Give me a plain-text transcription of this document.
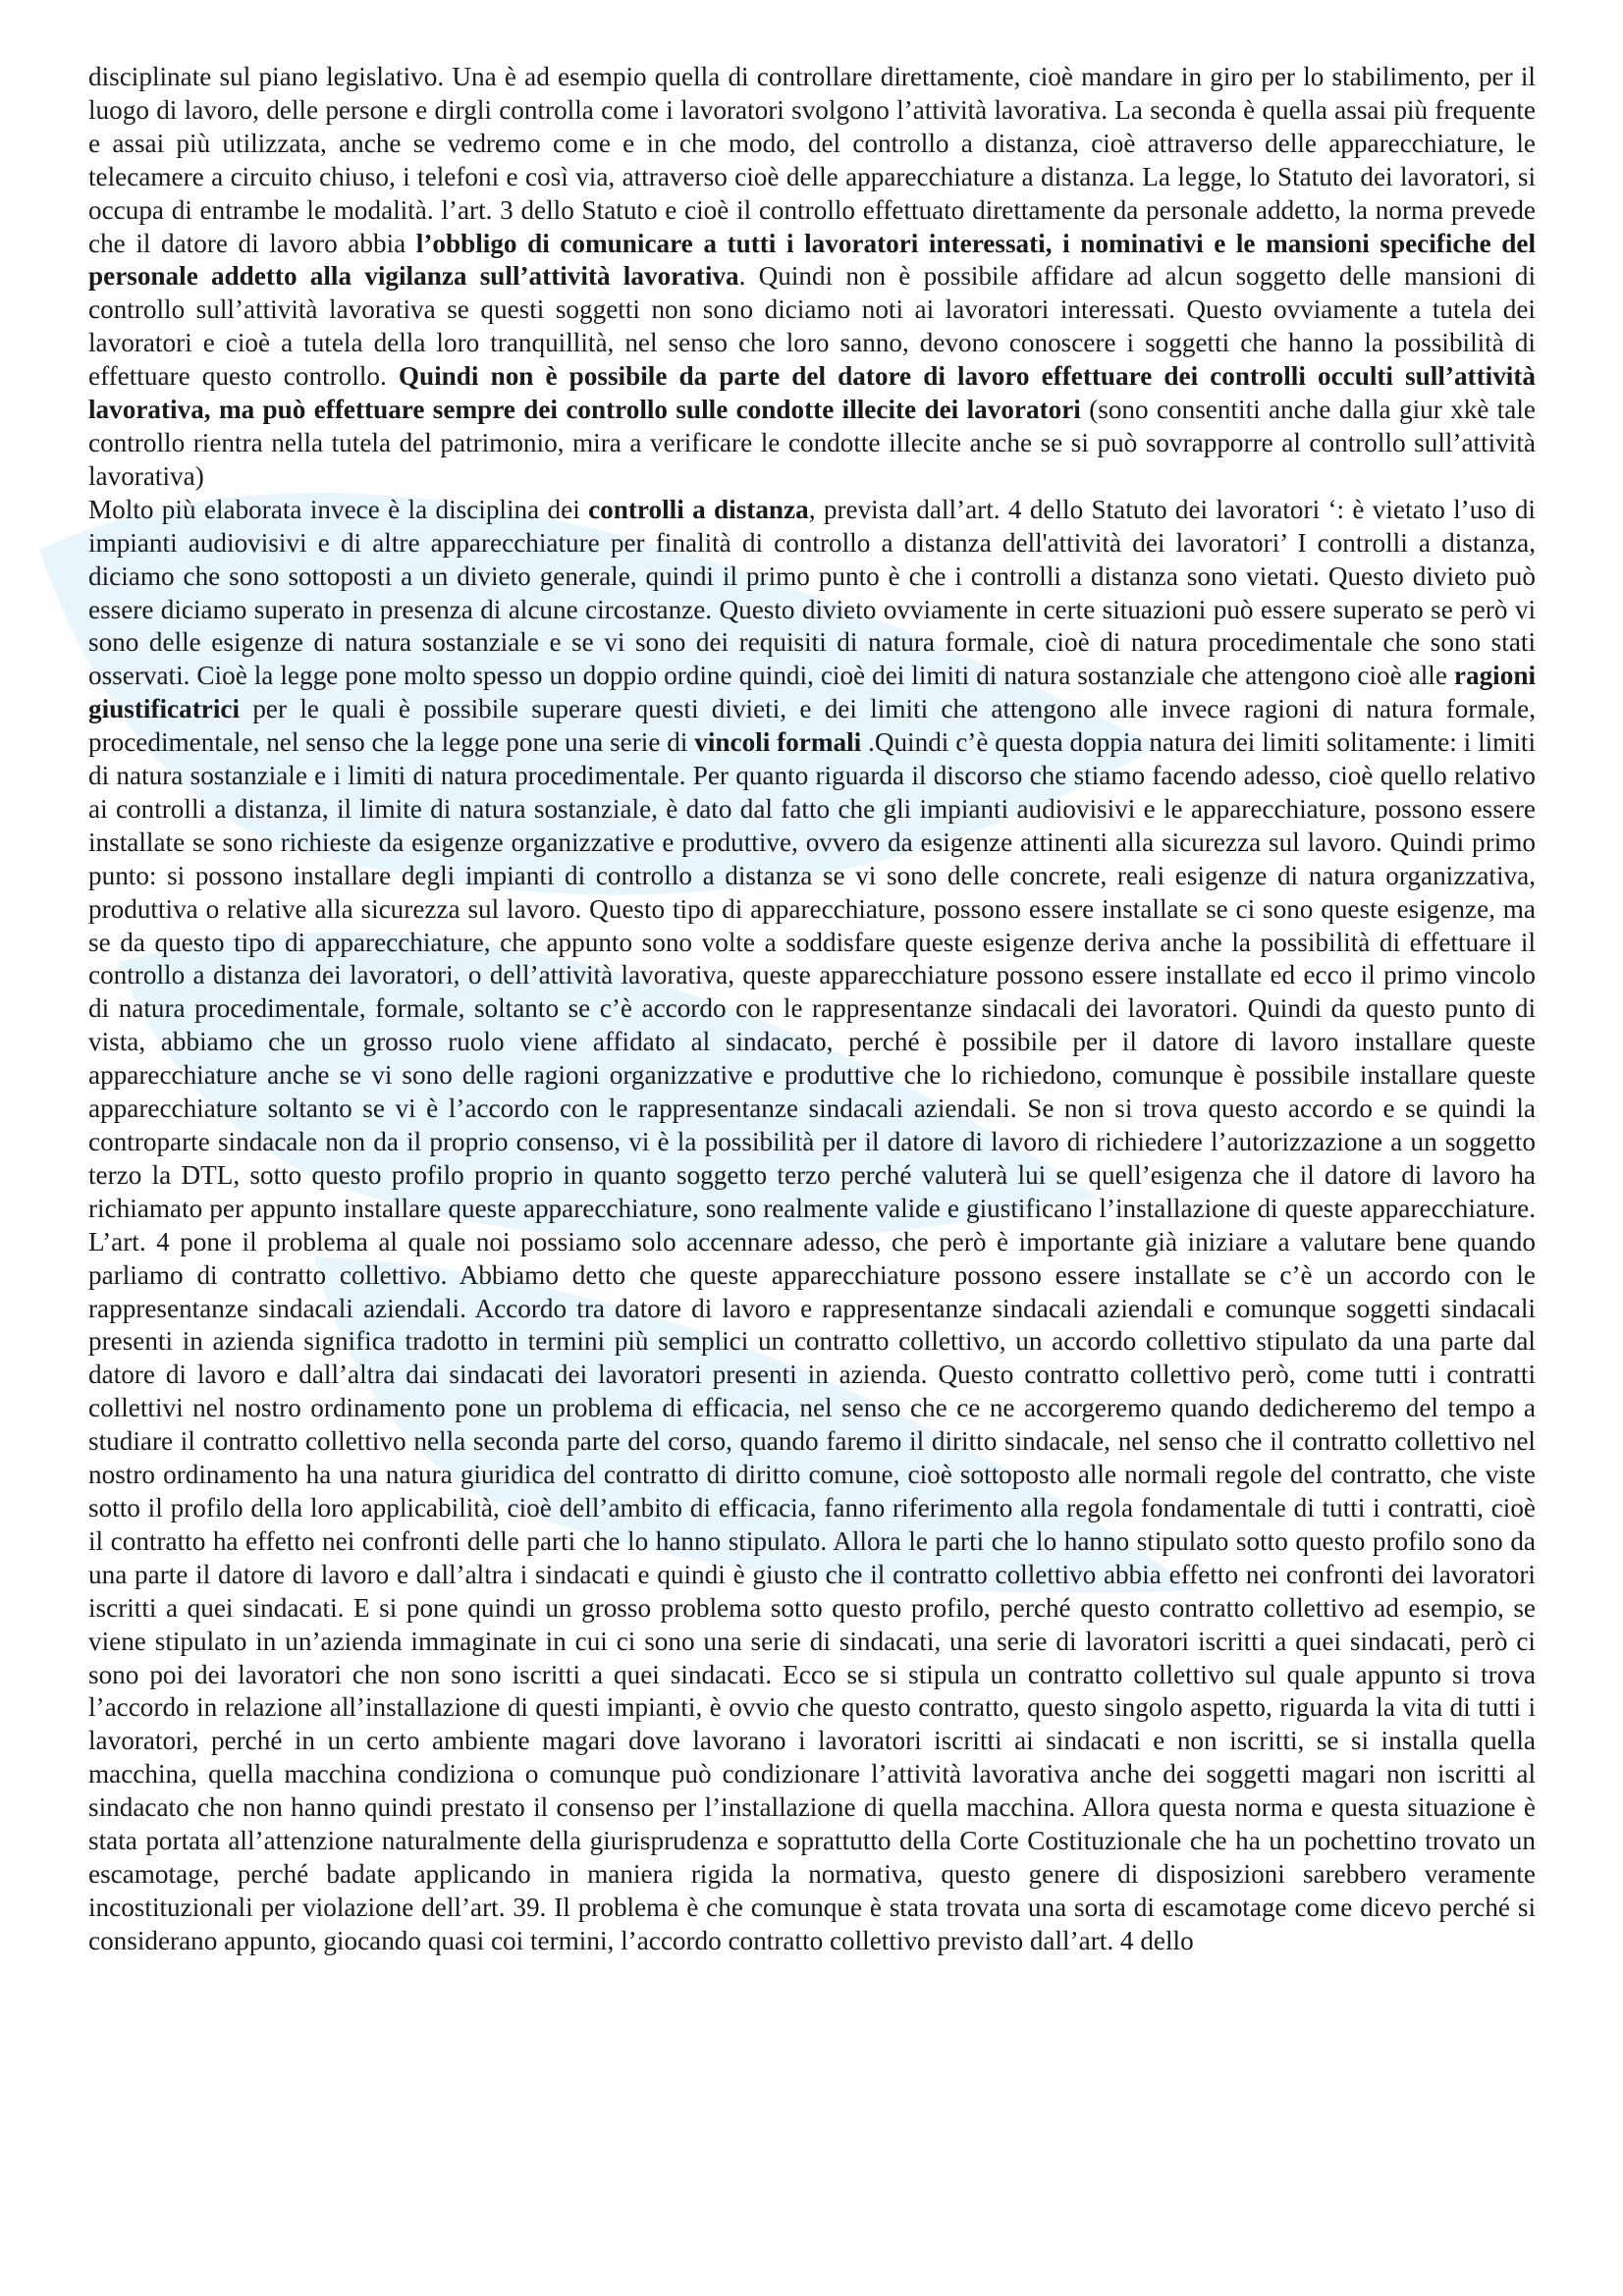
disciplinate sul piano legislativo. Una è ad esempio quella di controllare direttamente, cioè mandare in giro per lo stabilimento, per il luogo di lavoro, delle persone e dirgli controlla come i lavoratori svolgono l’attività lavorativa. La seconda è quella assai più frequente e assai più utilizzata, anche se vedremo come e in che modo, del controllo a distanza, cioè attraverso delle apparecchiature, le telecamere a circuito chiuso, i telefoni e così via, attraverso cioè delle apparecchiature a distanza. La legge, lo Statuto dei lavoratori, si occupa di entrambe le modalità. l’art. 3 dello Statuto e cioè il controllo effettuato direttamente da personale addetto, la norma prevede che il datore di lavoro abbia l’obbligo di comunicare a tutti i lavoratori interessati, i nominativi e le mansioni specifiche del personale addetto alla vigilanza sull’attività lavorativa. Quindi non è possibile affidare ad alcun soggetto delle mansioni di controllo sull’attività lavorativa se questi soggetti non sono diciamo noti ai lavoratori interessati. Questo ovviamente a tutela dei lavoratori e cioè a tutela della loro tranquillità, nel senso che loro sanno, devono conoscere i soggetti che hanno la possibilità di effettuare questo controllo. Quindi non è possibile da parte del datore di lavoro effettuare dei controlli occulti sull’attività lavorativa, ma può effettuare sempre dei controllo sulle condotte illecite dei lavoratori (sono consentiti anche dalla giur xkè tale controllo rientra nella tutela del patrimonio, mira a verificare le condotte illecite anche se si può sovrapporre al controllo sull’attività lavorativa)

Molto più elaborata invece è la disciplina dei controlli a distanza, prevista dall’art. 4 dello Statuto dei lavoratori ‘: è vietato l’uso di impianti audiovisivi e di altre apparecchiature per finalità di controllo a distanza dell'attività dei lavoratori’ I controlli a distanza, diciamo che sono sottoposti a un divieto generale, quindi il primo punto è che i controlli a distanza sono vietati. Questo divieto può essere diciamo superato in presenza di alcune circostanze. Questo divieto ovviamente in certe situazioni può essere superato se però vi sono delle esigenze di natura sostanziale e se vi sono dei requisiti di natura formale, cioè di natura procedimentale che sono stati osservati. Cioè la legge pone molto spesso un doppio ordine quindi, cioè dei limiti di natura sostanziale che attengono cioè alle ragioni giustificatrici per le quali è possibile superare questi divieti, e dei limiti che attengono alle invece ragioni di natura formale, procedimentale, nel senso che la legge pone una serie di vincoli formali .Quindi c’è questa doppia natura dei limiti solitamente: i limiti di natura sostanziale e i limiti di natura procedimentale. Per quanto riguarda il discorso che stiamo facendo adesso, cioè quello relativo ai controlli a distanza, il limite di natura sostanziale, è dato dal fatto che gli impianti audiovisivi e le apparecchiature, possono essere installate se sono richieste da esigenze organizzative e produttive, ovvero da esigenze attinenti alla sicurezza sul lavoro. Quindi primo punto: si possono installare degli impianti di controllo a distanza se vi sono delle concrete, reali esigenze di natura organizzativa, produttiva o relative alla sicurezza sul lavoro. Questo tipo di apparecchiature, possono essere installate se ci sono queste esigenze, ma se da questo tipo di apparecchiature, che appunto sono volte a soddisfare queste esigenze deriva anche la possibilità di effettuare il controllo a distanza dei lavoratori, o dell’attività lavorativa, queste apparecchiature possono essere installate ed ecco il primo vincolo di natura procedimentale, formale, soltanto se c’è accordo con le rappresentanze sindacali dei lavoratori. Quindi da questo punto di vista, abbiamo che un grosso ruolo viene affidato al sindacato, perché è possibile per il datore di lavoro installare queste apparecchiature anche se vi sono delle ragioni organizzative e produttive che lo richiedono, comunque è possibile installare queste apparecchiature soltanto se vi è l’accordo con le rappresentanze sindacali aziendali. Se non si trova questo accordo e se quindi la controparte sindacale non da il proprio consenso, vi è la possibilità per il datore di lavoro di richiedere l’autorizzazione a un soggetto terzo la DTL, sotto questo profilo proprio in quanto soggetto terzo perché valuterà lui se quell’esigenza che il datore di lavoro ha richiamato per appunto installare queste apparecchiature, sono realmente valide e giustificano l’installazione di queste apparecchiature. L’art. 4 pone il problema al quale noi possiamo solo accennare adesso, che però è importante già iniziare a valutare bene quando parliamo di contratto collettivo. Abbiamo detto che queste apparecchiature possono essere installate se c’è un accordo con le rappresentanze sindacali aziendali. Accordo tra datore di lavoro e rappresentanze sindacali aziendali e comunque soggetti sindacali presenti in azienda significa tradotto in termini più semplici un contratto collettivo, un accordo collettivo stipulato da una parte dal datore di lavoro e dall’altra dai sindacati dei lavoratori presenti in azienda. Questo contratto collettivo però, come tutti i contratti collettivi nel nostro ordinamento pone un problema di efficacia, nel senso che ce ne accorgeremo quando dedicheremo del tempo a studiare il contratto collettivo nella seconda parte del corso, quando faremo il diritto sindacale, nel senso che il contratto collettivo nel nostro ordinamento ha una natura giuridica del contratto di diritto comune, cioè sottoposto alle normali regole del contratto, che viste sotto il profilo della loro applicabilità, cioè dell’ambito di efficacia, fanno riferimento alla regola fondamentale di tutti i contratti, cioè il contratto ha effetto nei confronti delle parti che lo hanno stipulato. Allora le parti che lo hanno stipulato sotto questo profilo sono da una parte il datore di lavoro e dall’altra i sindacati e quindi è giusto che il contratto collettivo abbia effetto nei confronti dei lavoratori iscritti a quei sindacati. E si pone quindi un grosso problema sotto questo profilo, perché questo contratto collettivo ad esempio, se viene stipulato in un’azienda immaginate in cui ci sono una serie di sindacati, una serie di lavoratori iscritti a quei sindacati, però ci sono poi dei lavoratori che non sono iscritti a quei sindacati. Ecco se si stipula un contratto collettivo sul quale appunto si trova l’accordo in relazione all’installazione di questi impianti, è ovvio che questo contratto, questo singolo aspetto, riguarda la vita di tutti i lavoratori, perché in un certo ambiente magari dove lavorano i lavoratori iscritti ai sindacati e non iscritti, se si installa quella macchina, quella macchina condiziona o comunque può condizionare l’attività lavorativa anche dei soggetti magari non iscritti al sindacato che non hanno quindi prestato il consenso per l’installazione di quella macchina. Allora questa norma e questa situazione è stata portata all’attenzione naturalmente della giurisprudenza e soprattutto della Corte Costituzionale che ha un pochettino trovato un escamotage, perché badate applicando in maniera rigida la normativa, questo genere di disposizioni sarebbero veramente incostituzionali per violazione dell’art. 39. Il problema è che comunque è stata trovata una sorta di escamotage come dicevo perché si considerano appunto, giocando quasi coi termini, l’accordo contratto collettivo previsto dall’art. 4 dello
